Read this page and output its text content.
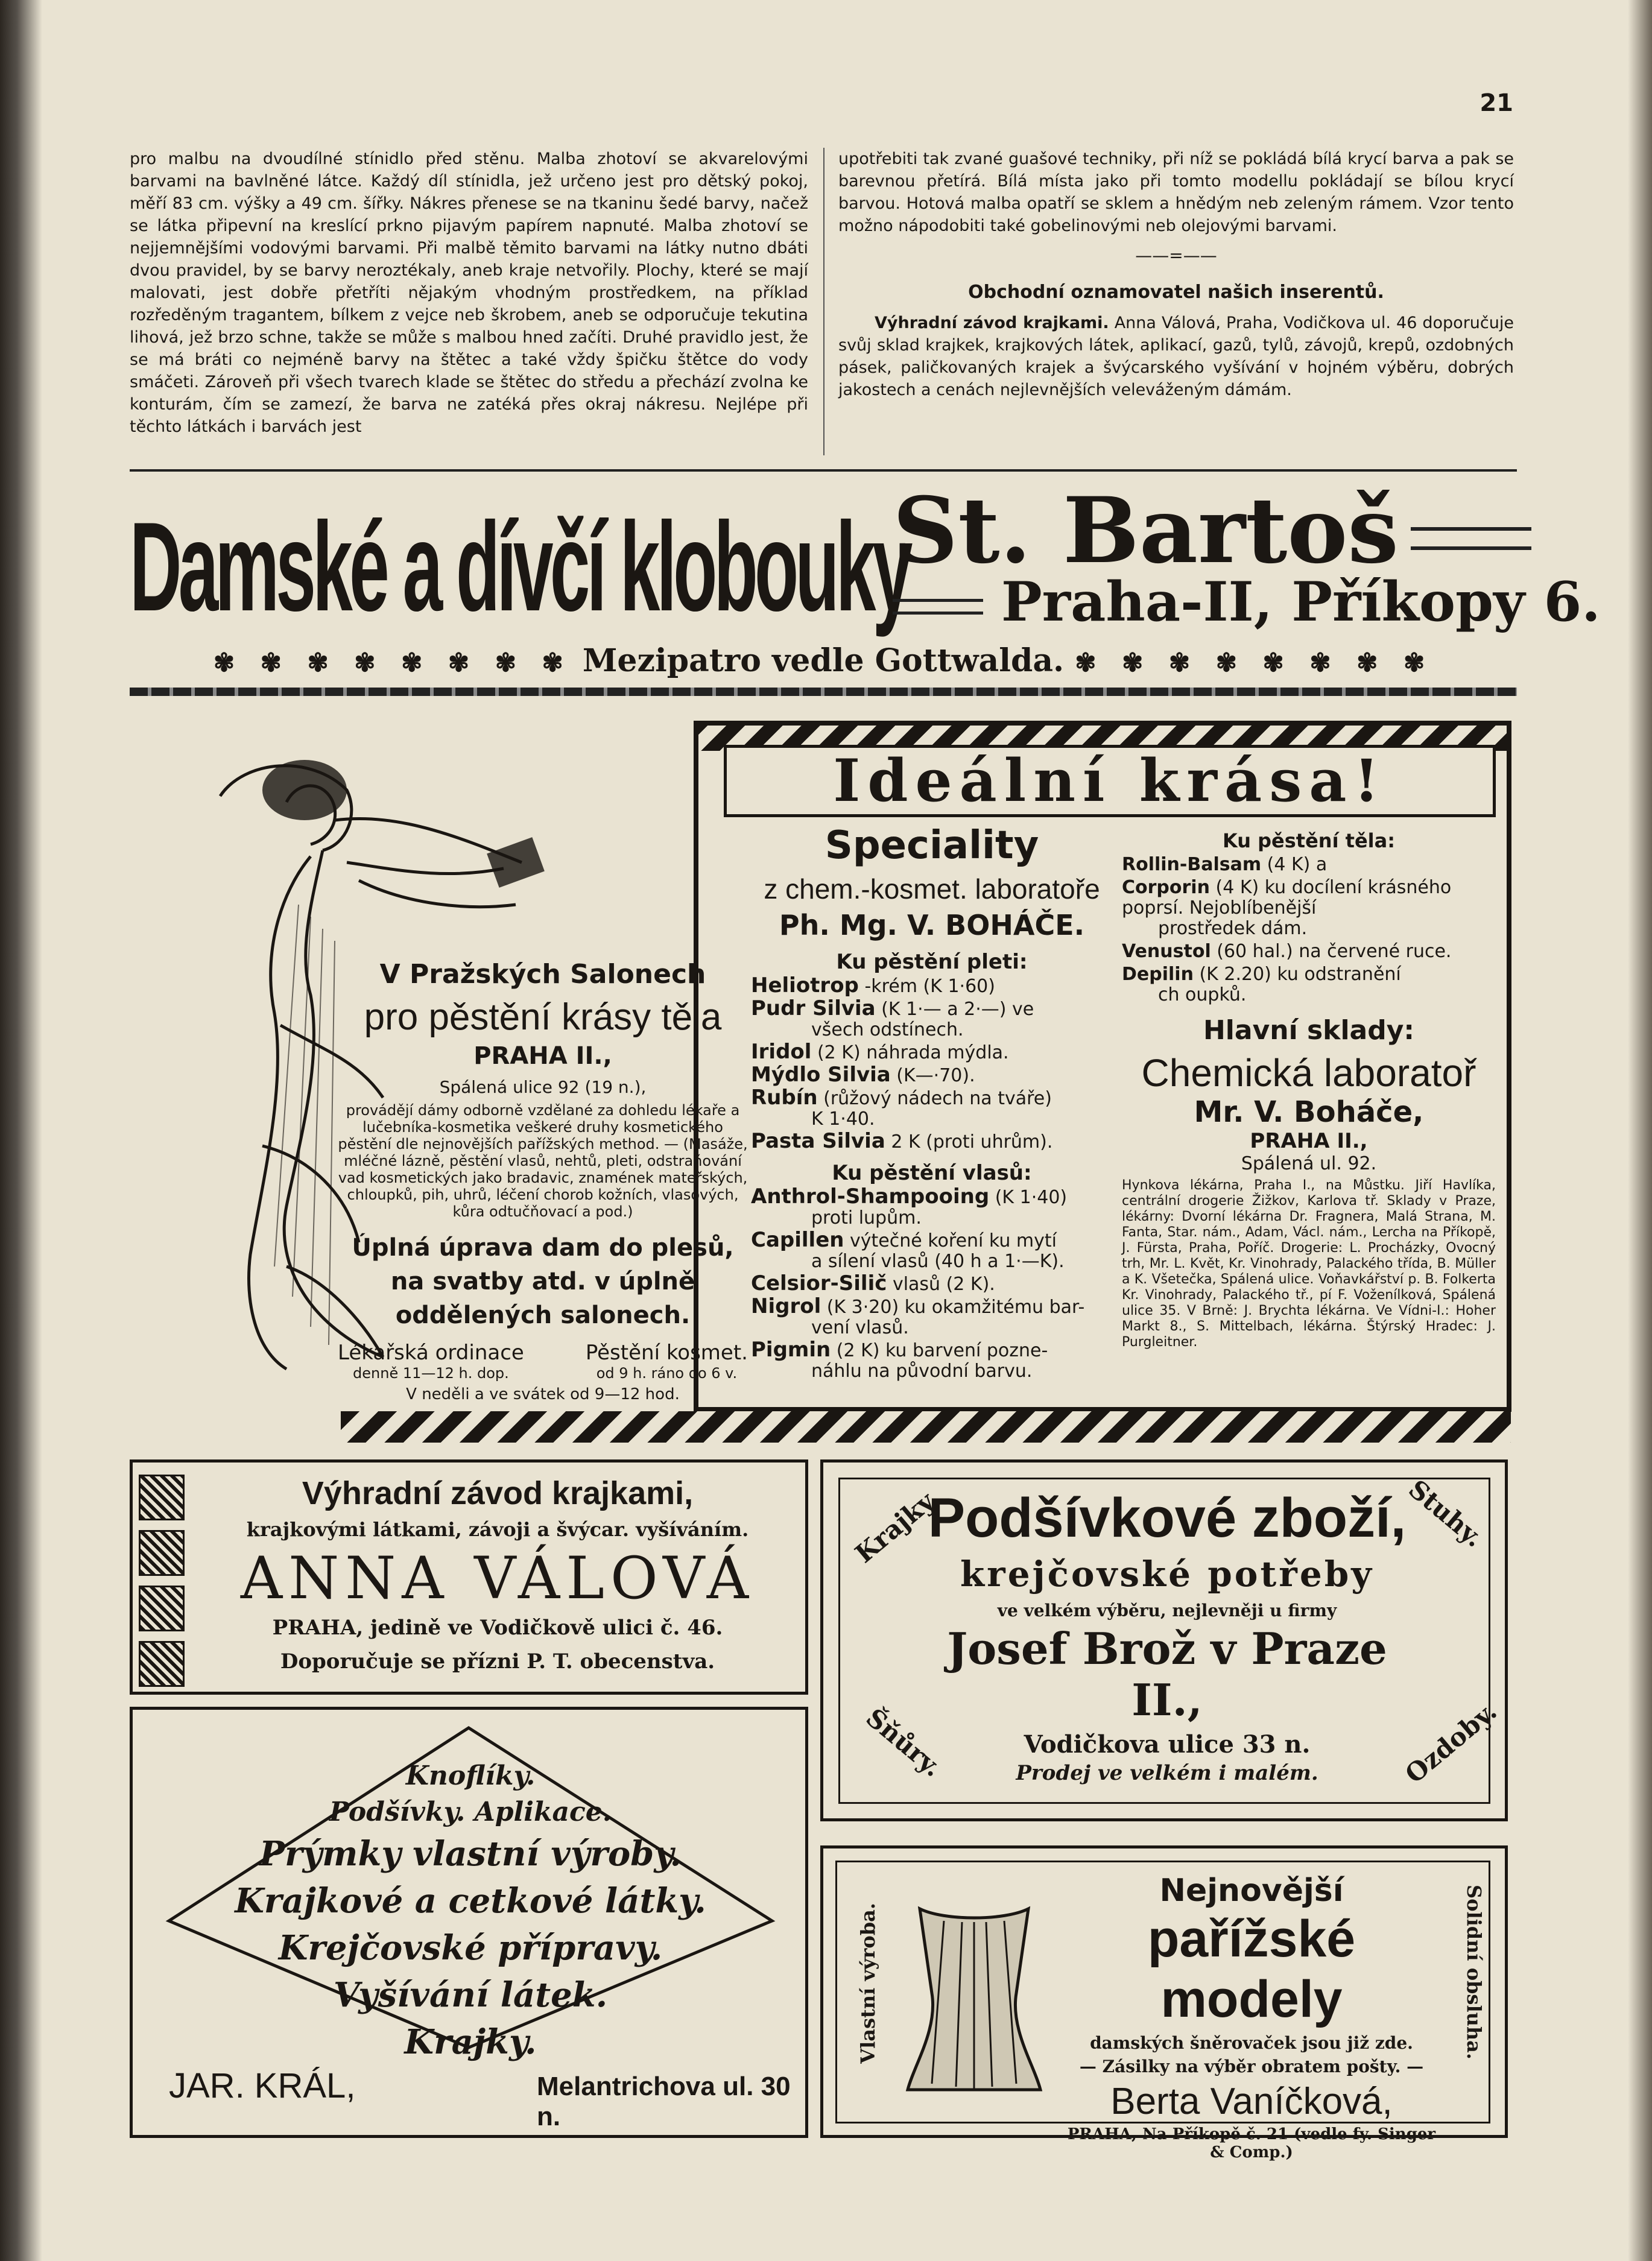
21
pro malbu na dvoudílné stínidlo před stěnu. Malba zhotoví se akvarelovými barvami na bavlněné látce. Každý díl stínidla, jež určeno jest pro dětský pokoj, měří 83 cm. výšky a 49 cm. šířky. Nákres přenese se na tkaninu šedé barvy, načež se látka připevní na kreslící prkno pijavým papírem napnuté. Malba zhotoví se nejjemnějšími vodovými barvami. Při malbě těmito barvami na látky nutno dbáti dvou pravidel, by se barvy neroztékaly, aneb kraje netvořily. Plochy, které se mají malovati, jest dobře přetříti nějakým vhodným prostředkem, na příklad rozředěným tragantem, bílkem z vejce neb škrobem, aneb se odporučuje tekutina lihová, jež brzo schne, takže se může s malbou hned začíti. Druhé pravidlo jest, že se má bráti co nejméně barvy na štětec a také vždy špičku štětce do vody smáčeti. Zároveň při všech tvarech klade se štětec do středu a přechází zvolna ke konturám, čím se zamezí, že barva ne zatéká přes okraj nákresu. Nejlépe při těchto látkách i barvách jest
upotřebiti tak zvané guašové techniky, při níž se pokládá bílá krycí barva a pak se barevnou přetírá. Bílá místa jako při tomto modellu pokládají se bílou krycí barvou. Hotová malba opatří se sklem a hnědým neb zeleným rámem. Vzor tento možno nápodobiti také gobelinovými neb olejovými barvami.
——=——
Obchodní oznamovatel našich inserentů.
Výhradní závod krajkami. Anna Válová, Praha, Vodičkova ul. 46 doporučuje svůj sklad krajkek, krajkových látek, aplikací, gazů, tylů, závojů, krepů, ozdobných pásek, paličkovaných krajek a švýcarského vyšívání v hojném výběru, dobrých jakostech a cenách nejlevnějších veleváženým dámám.
Damské a dívčí klobouky
St. Bartoš
Praha-II, Příkopy 6.
✾ ✾ ✾ ✾ ✾ ✾ ✾ ✾ Mezipatro vedle Gottwalda. ✾ ✾ ✾ ✾ ✾ ✾ ✾ ✾
Ideální krása!
V Pražských Salonech
pro pěstění krásy těla
PRAHA II.,
Spálená ulice 92 (19 n.),
provádějí dámy odborně vzdělané za dohledu lékaře a lučebníka-kosmetika veškeré druhy kosmetického pěstění dle nejnovějších pařížských method. — (Masáže, mléčné lázně, pěstění vlasů, nehtů, pleti, odstraňování vad kosmetických jako bradavic, znamének mateřských, chloupků, pih, uhrů, léčení chorob kožních, vlasových, kůra odtučňovací a pod.)
Úplná úprava dam do plesů, na svatby atd. v úplně oddělených salonech.
Lékařská ordinace
denně 11—12 h. dop.
Pěstění kosmet.
od 9 h. ráno do 6 v.
V neděli a ve svátek od 9—12 hod.
Speciality
z chem.-kosmet. laboratoře
Ph. Mg. V. BOHÁČE.
Ku pěstění pleti:
Heliotrop -krém (K 1·60)
Pudr Silvia (K 1·— a 2·—) ve
všech odstínech.
Iridol (2 K) náhrada mýdla.
Mýdlo Silvia (K—·70).
Rubín (růžový nádech na tváře)
K 1·40.
Pasta Silvia 2 K (proti uhrům).
Ku pěstění vlasů:
Anthrol-Shampooing (K 1·40)
proti lupům.
Capillen výtečné koření ku mytí
a sílení vlasů (40 h a 1·—K).
Celsior-Silič vlasů (2 K).
Nigrol (K 3·20) ku okamžitému bar-
vení vlasů.
Pigmin (2 K) ku barvení pozne-
náhlu na původní barvu.
Ku pěstění těla:
Rollin-Balsam (4 K) a
Corporin (4 K) ku docílení krásného poprsí. Nejoblíbenější
prostředek dám.
Venustol (60 hal.) na červené ruce.
Depilin (K 2.20) ku odstranění
ch oupků.
Hlavní sklady:
Chemická laboratoř
Mr. V. Boháče,
PRAHA II.,
Spálená ul. 92.
Hynkova lékárna, Praha I., na Můstku. Jiří Havlíka, centrální drogerie Žižkov, Karlova tř. Sklady v Praze, lékárny: Dvorní lékárna Dr. Fragnera, Malá Strana, M. Fanta, Star. nám., Adam, Václ. nám., Lercha na Příkopě, J. Fürsta, Praha, Poříč. Drogerie: L. Procházky, Ovocný trh, Mr. L. Květ, Kr. Vinohrady, Palackého třída, B. Müller a K. Všetečka, Spálená ulice. Voňavkářství p. B. Folkerta Kr. Vinohrady, Palackého tř., pí F. Voženílková, Spálená ulice 35. V Brně: J. Brychta lékárna. Ve Vídni-I.: Hoher Markt 8., S. Mittelbach, lékárna. Štýrský Hradec: J. Purgleitner.
Výhradní závod krajkami,
krajkovými látkami, závoji a švýcar. vyšíváním.
ANNA VÁLOVÁ
PRAHA, jedině ve Vodičkově ulici č. 46.
Doporučuje se přízni P. T. obecenstva.
Knoflíky.
Podšívky. Aplikace.
Prýmky vlastní výroby.
Krajkové a cetkové látky.
Krejčovské přípravy.
Vyšívání látek.
Krajky.
JAR. KRÁL,	Melantrichova ul. 30 n.
Krajky.	Stuhy.
Šňůry.	Ozdoby.
Podšívkové zboží,
krejčovské potřeby
ve velkém výběru, nejlevněji u firmy
Josef Brož v Praze II.,
Vodičkova ulice 33 n.
Prodej ve velkém i malém.
Vlastní výroba.	Solidní obsluha.
Nejnovější
pařížské modely
damských šněrovaček jsou již zde.
— Zásilky na výběr obratem pošty. —
Berta Vaníčková,
PRAHA, Na Příkopě č. 21 (vedle fy. Singer & Comp.)
